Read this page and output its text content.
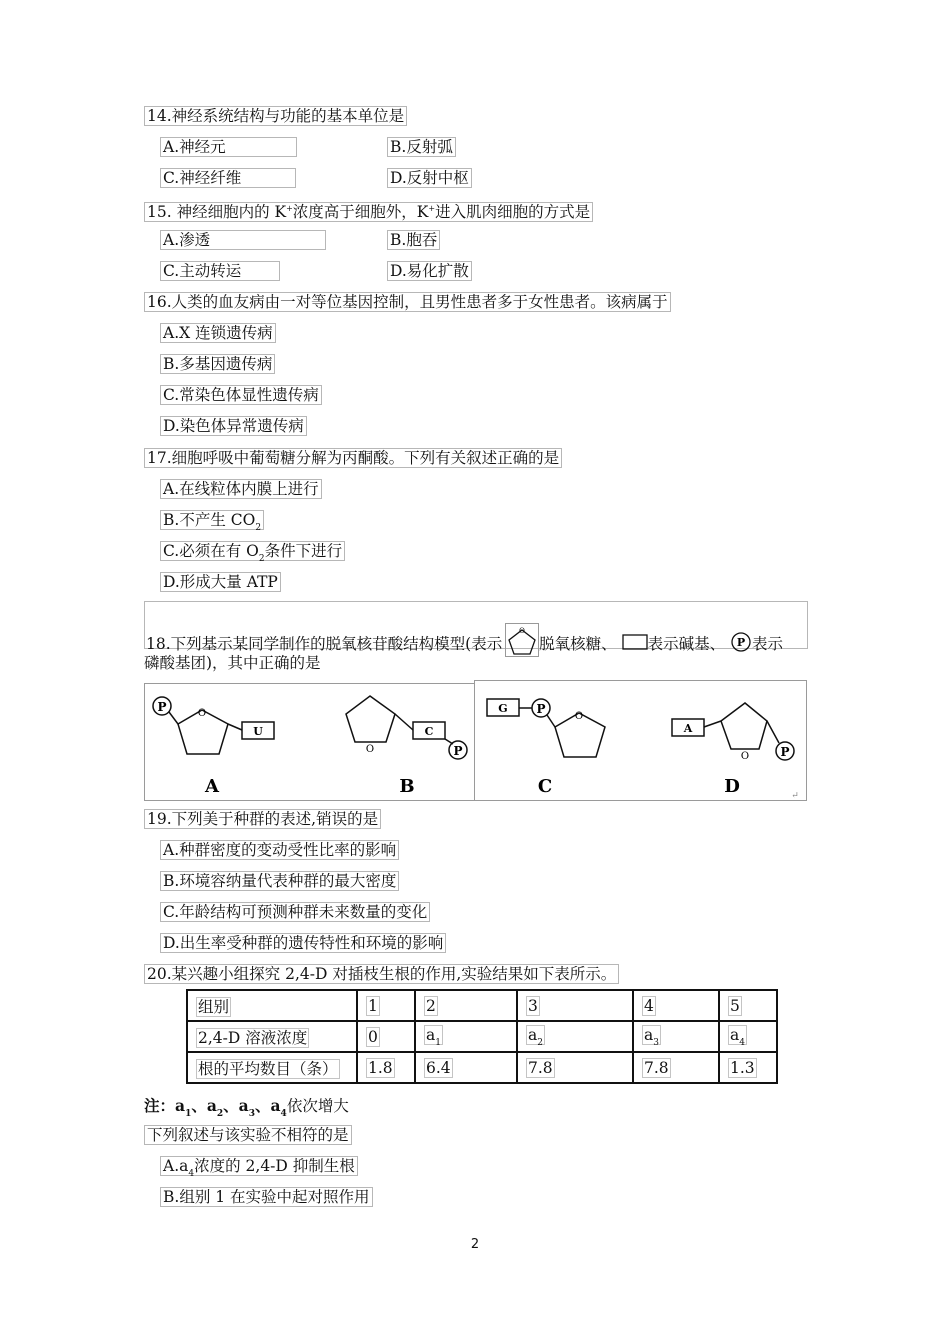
14.神经系统结构与功能的基本单位是
A.神经元	B.反射弧
C.神经纤维	D.反射中枢
15. 神经细胞内的 K+浓度高于细胞外，K+进入肌肉细胞的方式是
A.渗透	B.胞吞
C.主动转运	D.易化扩散
16.人类的血友病由一对等位基因控制，且男性患者多于女性患者。该病属于
A.X 连锁遗传病
B.多基因遗传病
C.常染色体显性遗传病
D.染色体异常遗传病
17.细胞呼吸中葡萄糖分解为丙酮酸。下列有关叙述正确的是
A.在线粒体内膜上进行
B.不产生 $CO_2$
C.必须在有 $O_2$条件下进行
D.形成大量 ATP
18.下列基示某同学制作的脱氧核苷酸结构模型(表示
O
脱氧核糖、 表示碱基、 P 表示
磷酸基团)，其中正确的是
P	O
U
A
O
C
P
B
G P
O
C
A
O	P
D	↵
19.下列美于种群的表述,销误的是
A.种群密度的变动受性比率的影响
B.环境容纳量代表种群的最大密度
C.年龄结构可预测种群未来数量的变化
D.出生率受种群的遗传特性和环境的影响
20.某兴趣小组探究 2,4-D 对插枝生根的作用,实验结果如下表所示。
组别	1	2	3	4	5
2,4-D 溶液浓度	0	$a_1$	$a_2$	$a_3$	$a_4$
根的平均数目（条）	1.8	6.4	7.8	7.8	1.3
注：$a_1$、$a_2$、$a_3$、$a_4$依次增大
下列叙述与该实验不相符的是
$A.a_4$浓度的 2,4-D 抑制生根
B.组别 1 在实验中起对照作用
2
